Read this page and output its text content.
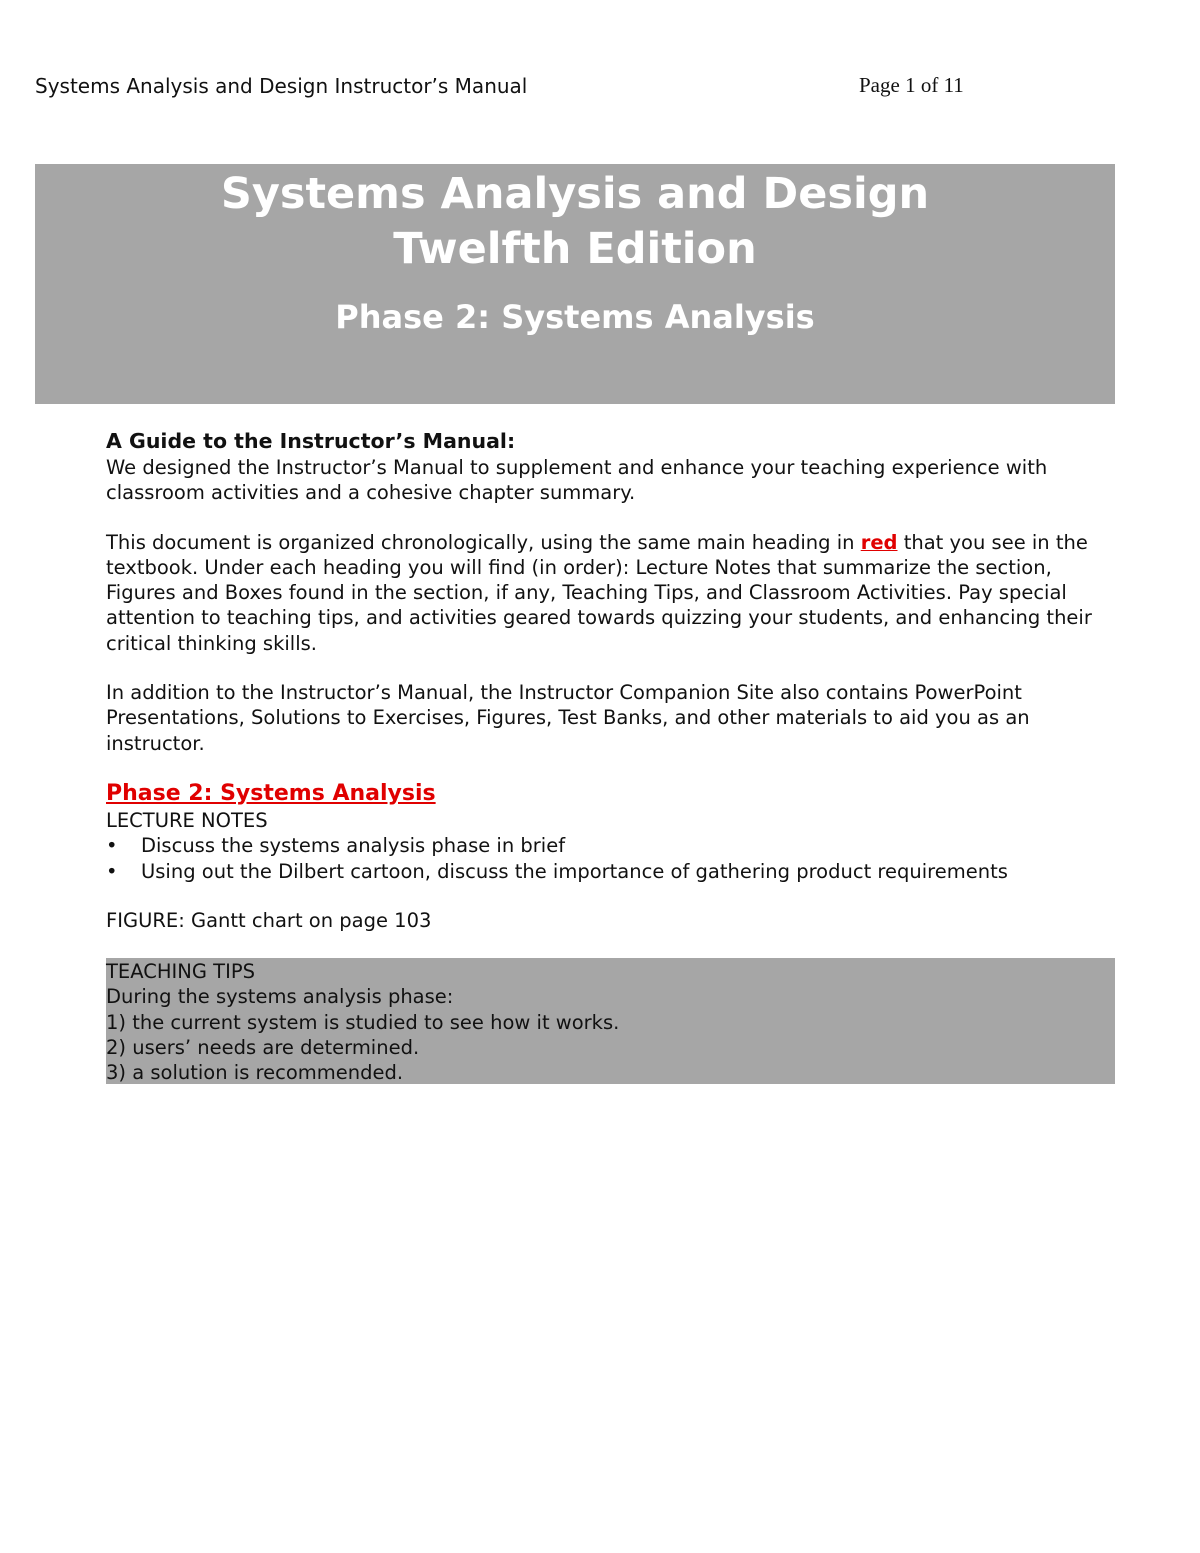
Systems Analysis and Design Instructor’s Manual	Page 1 of 11
Systems Analysis and Design
Twelfth Edition
Phase 2: Systems Analysis
A Guide to the Instructor’s Manual:

We designed the Instructor’s Manual to supplement and enhance your teaching experience with classroom activities and a cohesive chapter summary.

This document is organized chronologically, using the same main heading in red that you see in the textbook. Under each heading you will find (in order): Lecture Notes that summarize the section, Figures and Boxes found in the section, if any, Teaching Tips, and Classroom Activities. Pay special attention to teaching tips, and activities geared towards quizzing your students, and enhancing their critical thinking skills.

In addition to the Instructor’s Manual, the Instructor Companion Site also contains PowerPoint Presentations, Solutions to Exercises, Figures, Test Banks, and other materials to aid you as an instructor.

Phase 2: Systems Analysis
LECTURE NOTES
• Discuss the systems analysis phase in brief
• Using out the Dilbert cartoon, discuss the importance of gathering product requirements
FIGURE: Gantt chart on page 103
TEACHING TIPS
During the systems analysis phase:
1) the current system is studied to see how it works.
2) users’ needs are determined.
3) a solution is recommended.
